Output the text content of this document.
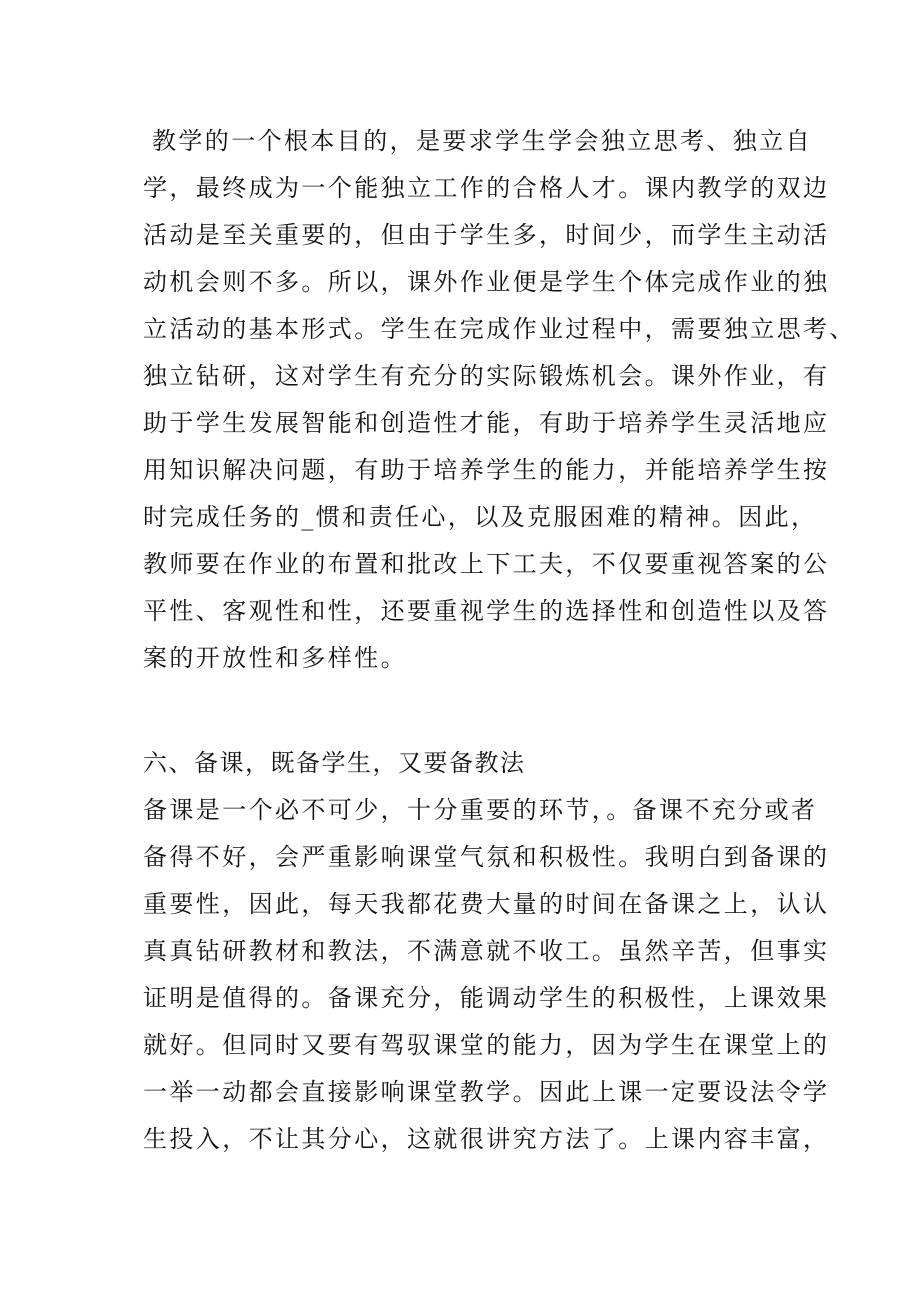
教学的一个根本目的，是要求学生学会独立思考、独立自
学，最终成为一个能独立工作的合格人才。课内教学的双边
活动是至关重要的，但由于学生多，时间少，而学生主动活
动机会则不多。所以，课外作业便是学生个体完成作业的独
立活动的基本形式。学生在完成作业过程中，需要独立思考、
独立钻研，这对学生有充分的实际锻炼机会。课外作业，有
助于学生发展智能和创造性才能，有助于培养学生灵活地应
用知识解决问题，有助于培养学生的能力，并能培养学生按
时完成任务的_惯和责任心，以及克服困难的精神。因此，
教师要在作业的布置和批改上下工夫，不仅要重视答案的公
平性、客观性和性，还要重视学生的选择性和创造性以及答
案的开放性和多样性。
六、备课，既备学生，又要备教法
备课是一个必不可少，十分重要的环节，。备课不充分或者
备得不好，会严重影响课堂气氛和积极性。我明白到备课的
重要性，因此，每天我都花费大量的时间在备课之上，认认
真真钻研教材和教法，不满意就不收工。虽然辛苦，但事实
证明是值得的。备课充分，能调动学生的积极性，上课效果
就好。但同时又要有驾驭课堂的能力，因为学生在课堂上的
一举一动都会直接影响课堂教学。因此上课一定要设法令学
生投入，不让其分心，这就很讲究方法了。上课内容丰富，
